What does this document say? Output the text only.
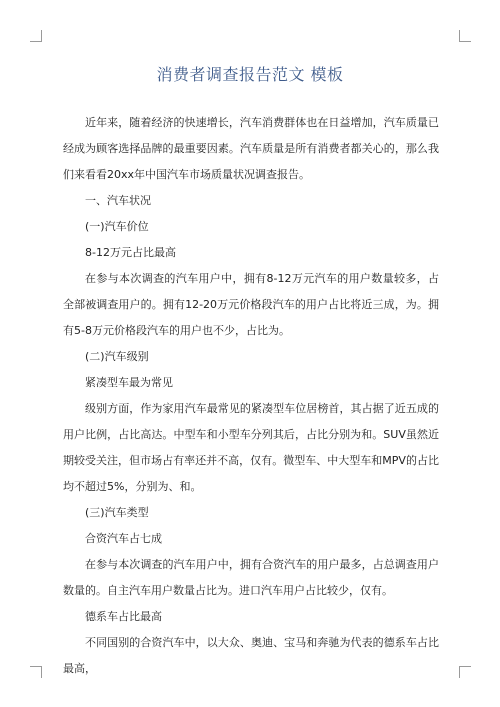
消费者调查报告范文 模板

近年来，随着经济的快速增长，汽车消费群体也在日益增加，汽车质量已经成为顾客选择品牌的最重要因素。汽车质量是所有消费者都关心的，那么我们来看看20xx年中国汽车市场质量状况调查报告。

一、汽车状况

(一)汽车价位

8-12万元占比最高

在参与本次调查的汽车用户中，拥有8-12万元汽车的用户数量较多，占全部被调查用户的。拥有12-20万元价格段汽车的用户占比将近三成，为。拥有5-8万元价格段汽车的用户也不少，占比为。

(二)汽车级别

紧凑型车最为常见

级别方面，作为家用汽车最常见的紧凑型车位居榜首，其占据了近五成的用户比例，占比高达。中型车和小型车分列其后，占比分别为和。SUV虽然近期较受关注，但市场占有率还并不高，仅有。微型车、中大型车和MPV的占比均不超过5%，分别为、和。

(三)汽车类型

合资汽车占七成

在参与本次调查的汽车用户中，拥有合资汽车的用户最多，占总调查用户数量的。自主汽车用户数量占比为。进口汽车用户占比较少，仅有。

德系车占比最高

不同国别的合资汽车中，以大众、奥迪、宝马和奔驰为代表的德系车占比最高，
